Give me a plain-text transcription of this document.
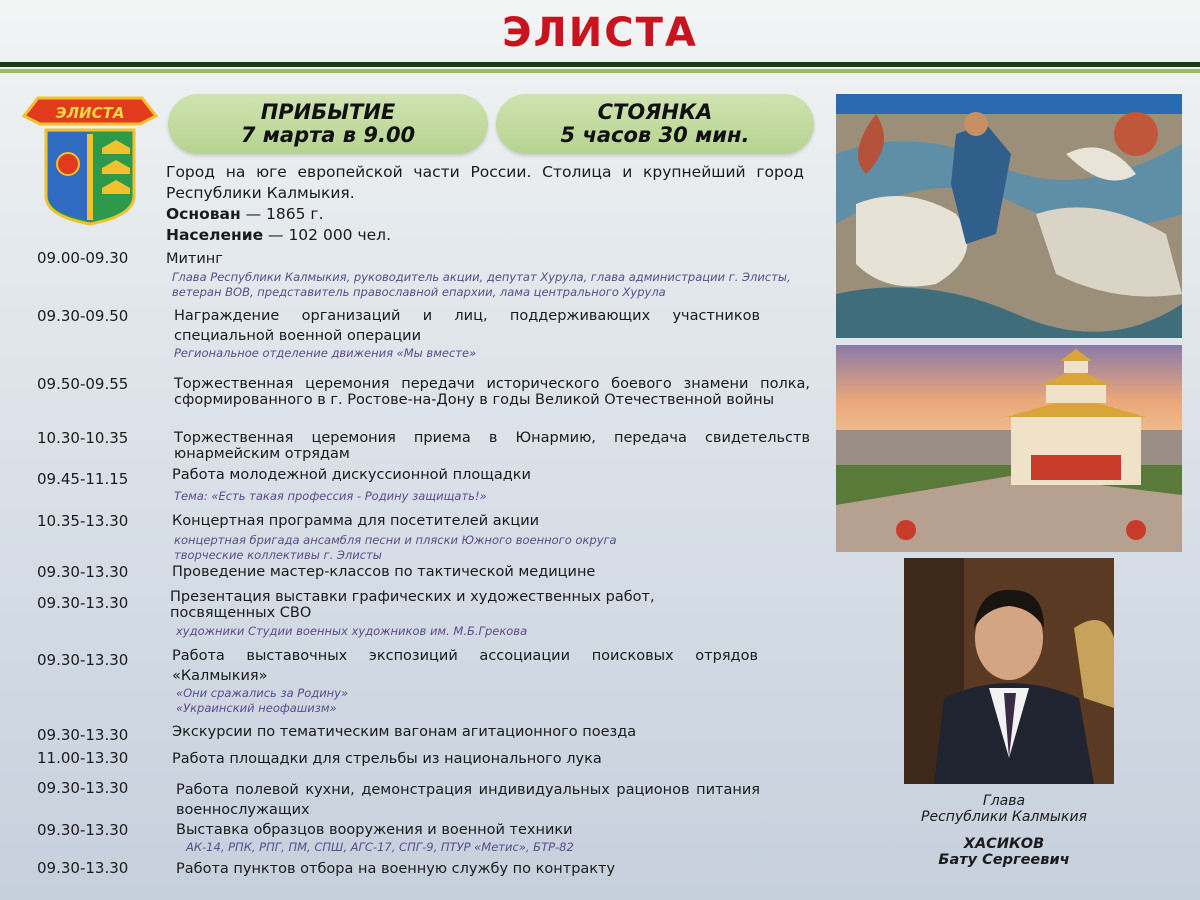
ЭЛИСТА
ЭЛИСТА	ПРИБЫТИЕ
7 марта в 9.00
СТОЯНКА
5 часов 30 мин.
Город на юге европейской части России. Столица и крупнейший город Республики Калмыкия.
Основан — 1865 г.
Население — 102 000 чел.
09.00-09.30	Митинг
Глава Республики Калмыкия, руководитель акции, депутат Хурула, глава администрации г. Элисты, ветеран ВОВ, представитель православной епархии, лама центрального Хурула
09.30-09.50	Награждение организаций и лиц, поддерживающих участников специальной военной операции
Региональное отделение движения «Мы вместе»
09.50-09.55	Торжественная церемония передачи исторического боевого знамени полка, сформированного в г. Ростове-на-Дону в годы Великой Отечественной войны
10.30-10.35	Торжественная церемония приема в Юнармию, передача свидетельств юнармейским отрядам
09.45-11.15	Работа молодежной дискуссионной площадки
Тема: «Есть такая профессия - Родину защищать!»
10.35-13.30	Концертная программа для посетителей акции
концертная бригада ансамбля песни и пляски Южного военного округа
творческие коллективы г. Элисты
09.30-13.30	Проведение мастер-классов по тактической медицине
09.30-13.30	Презентация выставки графических и художественных работ, посвященных СВО
художники Студии военных художников им. М.Б.Грекова
09.30-13.30	Работа выставочных экспозиций ассоциации поисковых отрядов «Калмыкия»
«Они сражались за Родину»
«Украинский неофашизм»
09.30-13.30	Экскурсии по тематическим вагонам агитационного поезда
11.00-13.30	Работа площадки для стрельбы из национального лука
09.30-13.30	Работа полевой кухни, демонстрация индивидуальных рационов питания военнослужащих
09.30-13.30	Выставка образцов вооружения и военной техники
АК-14, РПК, РПГ, ПМ, СПШ, АГС-17, СПГ-9, ПТУР «Метис», БТР-82
09.30-13.30	Работа пунктов отбора на военную службу по контракту
Глава
Республики Калмыкия
ХАСИКОВ
Бату Сергеевич
